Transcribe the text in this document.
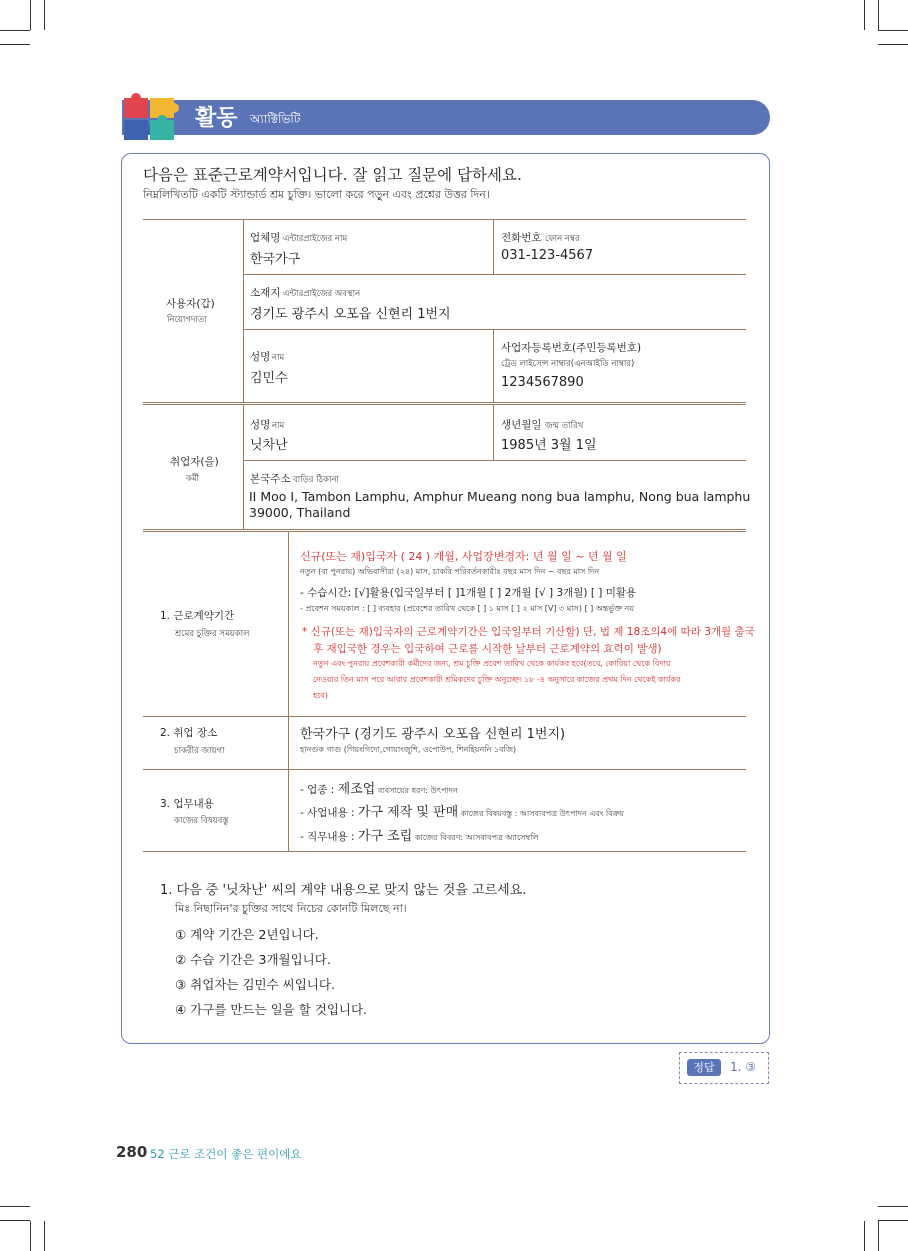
활동 অ্যাক্টিভিটি
다음은 표준근로계약서입니다. 잘 읽고 질문에 답하세요.
নিম্নলিখিতটি একটি স্ট্যান্ডার্ড শ্রম চুক্তি। ভালো করে পড়ুন এবং প্রশ্নের উত্তর দিন।
사용자(갑)
নিয়োগদাতা
업체명 এন্টারপ্রাইজের নাম
한국가구
전화번호 ফোন নম্বর
031-123-4567
소재지 এন্টারপ্রাইজের অবস্থান
경기도 광주시 오포읍 신현리 1번지
성명 নাম
김민수
사업자등록번호(주민등록번호)
ট্রেড লাইসেন্স নাম্বার(এনআইডি নাম্বার)
1234567890
취업자(을)
কর্মী
성명 নাম
닛차난
생년월일 জন্ম তারিখ
1985년 3월 1일
본국주소 বাড়ির ঠিকানা
II Moo I, Tambon Lamphu, Amphur Mueang nong bua lamphu, Nong bua lamphu
39000, Thailand
1. 근로계약기간
শ্রমের চুক্তির সময়কাল
신규(또는 재)입국자 ( 24 ) 개월, 사업장변경자: 년 월 일 ~ 년 월 일
নতুন (বা পুনরায়) অভিবাসীরা (২৪) মাস, চাকরি পরিবর্তনকারীঃ বছর মাস দিন ~ বছর মাস দিন
- 수습시간: [√]활용(입국일부터 [ ]1개월 [ ] 2개월 [√ ] 3개월) [ ] 미활용
- প্রবেশন সময়কাল : [ ] ব্যবহার (প্রবেশের তারিখ থেকে [ ] ১ মাস [ ] ২ মাস [V] ৩ মাস) [ ] অন্তর্ভুক্ত নয়
* 신규(또는 재)입국자의 근로계약기간은 입국일부터 기산함) 단, 법 제 18조의4에 따라 3개월 출국
후 재입국한 경우는 입국하여 근로를 시작한 날부터 근로계약의 효력이 발생)
নতুন এবং পুনরায় প্রবেশকারী কর্মীদের জন্য, শ্রম চুক্তি প্রবেশ তারিখ থেকে কার্যকর হবে(তবে, কোরিয়া থেকে বিদায়
নেওয়ার তিন মাস পরে আবার প্রবেশকারী শ্রমিকদের চুক্তি অনুচ্ছেদ ১৮ -৪ অনুসারে কাজের প্রথম দিন থেকেই কার্যকর
হবে)
2. 취업 장소
চাকরীর জায়গা
한국가구 (경기도 광주시 오포읍 신현리 1번지)
হানগুক গাগু (গিয়ংগিদো,গোয়াংজুশি, ওপোউপ, শিনহিয়ননি ১বজি)
3. 업무내용
কাজের বিষয়বস্তু
- 업종 : 제조업 ব্যবসায়ের ধরণ: উৎপাদন
- 사업내용 : 가구 제작 및 판매 কাজের বিষয়বস্তু : আসবাবপত্র উৎপাদন এবং বিক্রয়
- 직무내용 : 가구 조립 কাজের বিবরণ: আসবাবপত্র অ্যাসেম্বলি
1. 다음 중 '닛차난' 씨의 계약 내용으로 맞지 않는 것을 고르세요.
মিঃ নিছানিন'র চুক্তির সাথে নিচের কোনটি মিলছে না।
① 계약 기간은 2년입니다.
② 수습 기간은 3개월입니다.
③ 취업자는 김민수 씨입니다.
④ 가구를 만드는 일을 할 것입니다.
정답	1. ③
280 52 근로 조건이 좋은 편이에요
